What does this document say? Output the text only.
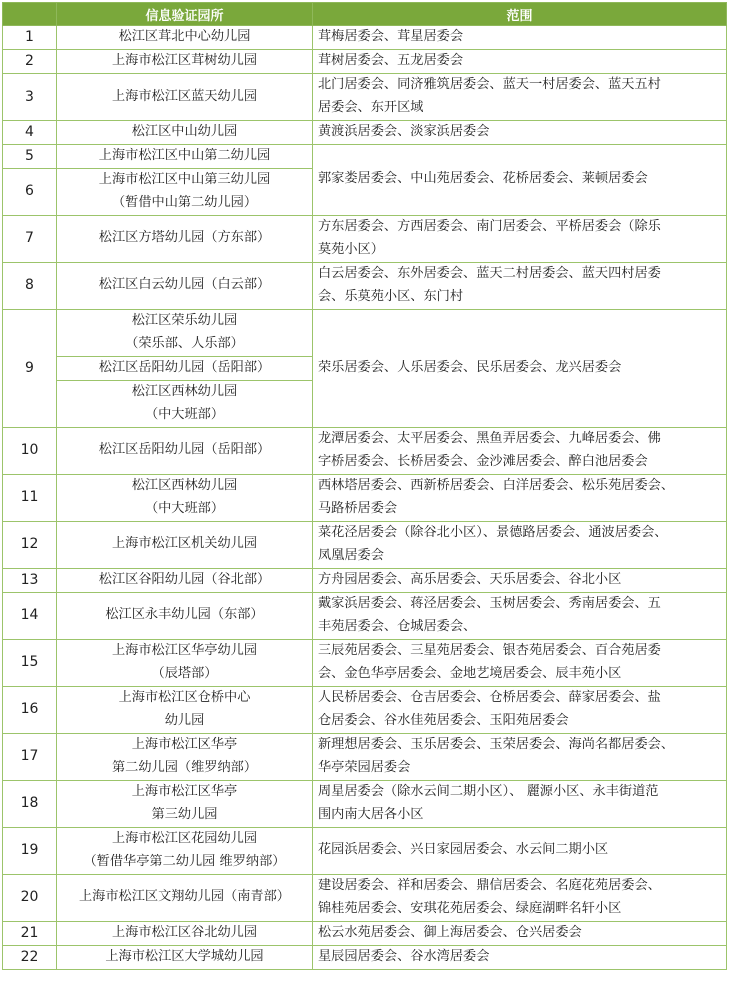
	信息验证园所	范围
1	松江区茸北中心幼儿园	茸梅居委会、茸星居委会

2	上海市松江区茸树幼儿园	茸树居委会、五龙居委会

3	上海市松江区蓝天幼儿园	北门居委会、同济雅筑居委会、蓝天一村居委会、蓝天五村
居委会、东开区域

4	松江区中山幼儿园	黄渡浜居委会、淡家浜居委会

5	上海市松江区中山第二幼儿园	郭家娄居委会、中山苑居委会、花桥居委会、莱顿居委会

6	上海市松江区中山第三幼儿园
（暂借中山第二幼儿园）	

7	松江区方塔幼儿园（方东部）	方东居委会、方西居委会、南门居委会、平桥居委会（除乐
莫苑小区）

8	松江区白云幼儿园（白云部）	白云居委会、东外居委会、蓝天二村居委会、蓝天四村居委
会、乐莫苑小区、东门村

9	松江区荣乐幼儿园
（荣乐部、人乐部）	荣乐居委会、人乐居委会、民乐居委会、龙兴居委会

	松江区岳阳幼儿园（岳阳部）	

	松江区西林幼儿园
（中大班部）	

10	松江区岳阳幼儿园（岳阳部）	龙潭居委会、太平居委会、黑鱼弄居委会、九峰居委会、佛
字桥居委会、长桥居委会、金沙滩居委会、醉白池居委会

11	松江区西林幼儿园
（中大班部）	西林塔居委会、西新桥居委会、白洋居委会、松乐苑居委会、
马路桥居委会

12	上海市松江区机关幼儿园	菜花泾居委会（除谷北小区）、景德路居委会、通波居委会、
凤凰居委会

13	松江区谷阳幼儿园（谷北部）	方舟园居委会、高乐居委会、天乐居委会、谷北小区

14	松江区永丰幼儿园（东部）	戴家浜居委会、蒋泾居委会、玉树居委会、秀南居委会、五
丰苑居委会、仓城居委会、

15	上海市松江区华亭幼儿园
（辰塔部）	三辰苑居委会、三星苑居委会、银杏苑居委会、百合苑居委
会、金色华亭居委会、金地艺境居委会、辰丰苑小区

16	上海市松江区仓桥中心
幼儿园	人民桥居委会、仓吉居委会、仓桥居委会、薛家居委会、盐
仓居委会、谷水佳苑居委会、玉阳苑居委会

17	上海市松江区华亭
第二幼儿园（维罗纳部）	新理想居委会、玉乐居委会、玉荣居委会、海尚名都居委会、
华亭荣园居委会

18	上海市松江区华亭
第三幼儿园	周星居委会（除水云间二期小区）、 麗源小区、永丰街道范
围内南大居各小区

19	上海市松江区花园幼儿园
（暂借华亭第二幼儿园 维罗纳部）	花园浜居委会、兴日家园居委会、水云间二期小区

20	上海市松江区文翔幼儿园（南青部）	建设居委会、祥和居委会、鼎信居委会、名庭花苑居委会、
锦桂苑居委会、安琪花苑居委会、绿庭湖畔名轩小区

21	上海市松江区谷北幼儿园	松云水苑居委会、御上海居委会、仓兴居委会

22	上海市松江区大学城幼儿园	星辰园居委会、谷水湾居委会
